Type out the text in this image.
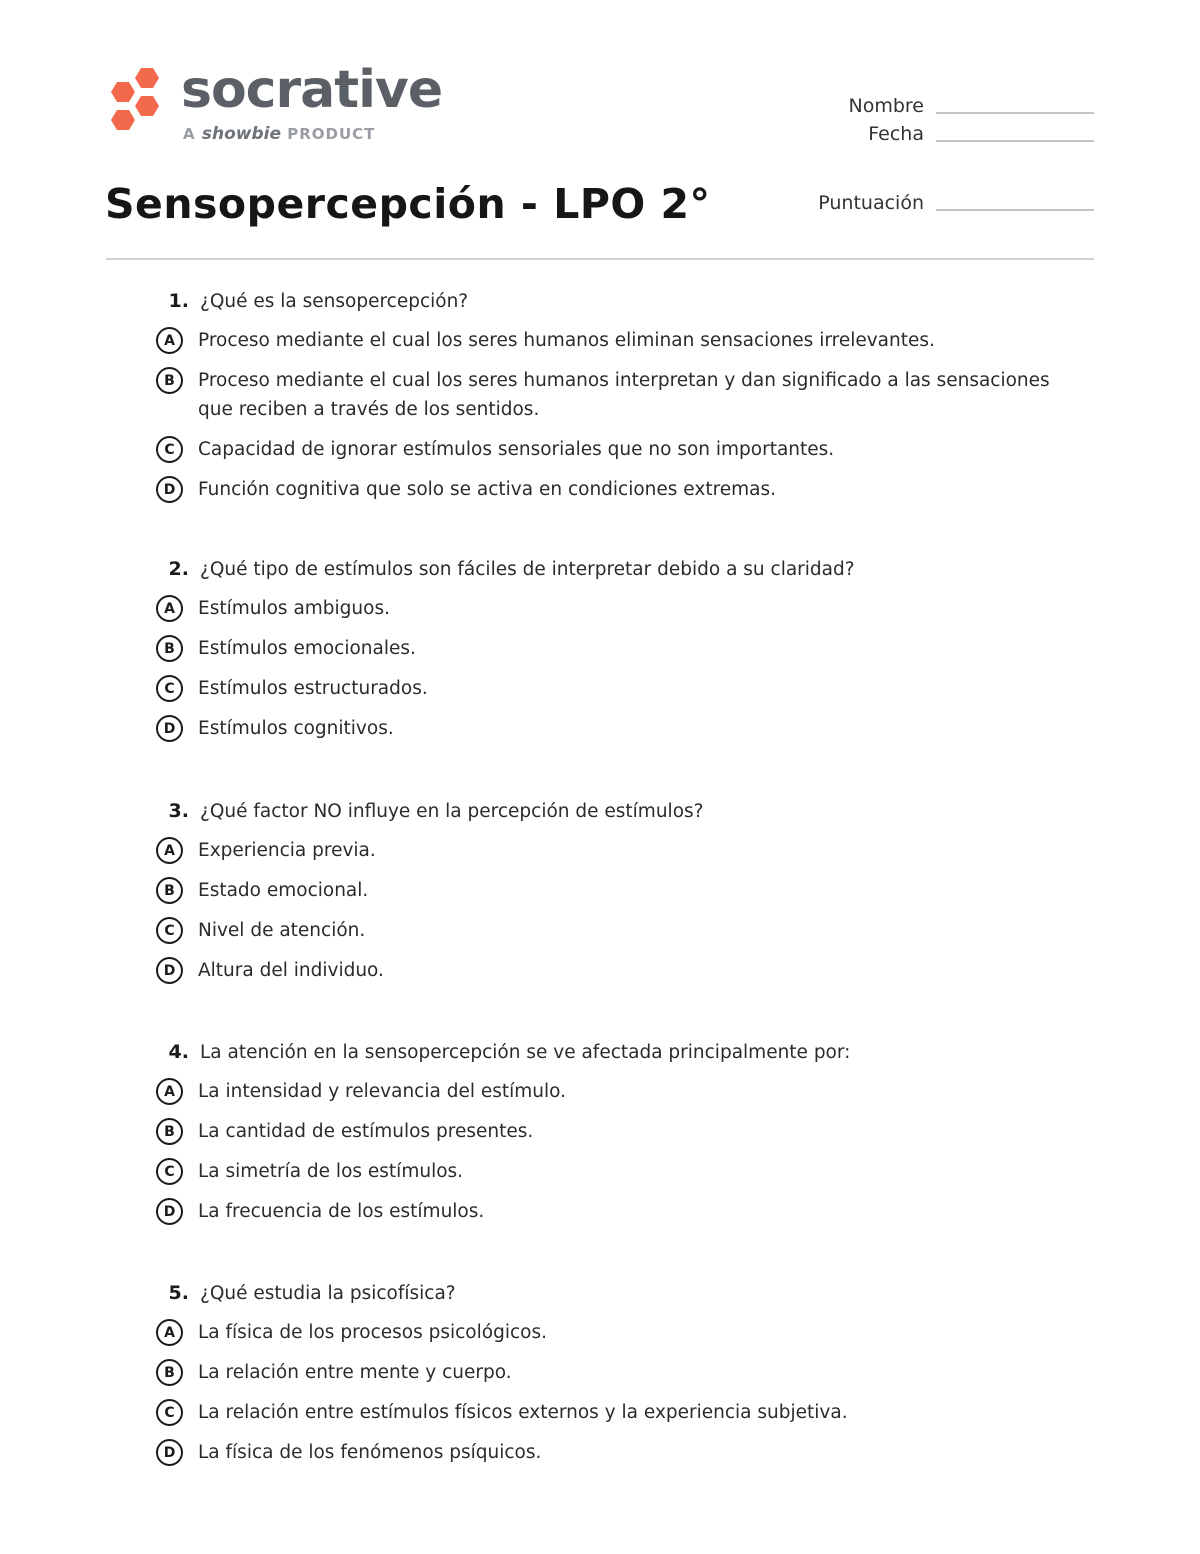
socrative
A showbie PRODUCT
Nombre
Fecha
Puntuación
Sensopercepción - LPO 2°
1. ¿Qué es la sensopercepción?
A	Proceso mediante el cual los seres humanos eliminan sensaciones irrelevantes.
B	Proceso mediante el cual los seres humanos interpretan y dan significado a las sensaciones que reciben a través de los sentidos.
C	Capacidad de ignorar estímulos sensoriales que no son importantes.
D	Función cognitiva que solo se activa en condiciones extremas.
2. ¿Qué tipo de estímulos son fáciles de interpretar debido a su claridad?
A	Estímulos ambiguos.
B	Estímulos emocionales.
C	Estímulos estructurados.
D	Estímulos cognitivos.
3. ¿Qué factor NO influye en la percepción de estímulos?
A	Experiencia previa.
B	Estado emocional.
C	Nivel de atención.
D	Altura del individuo.
4. La atención en la sensopercepción se ve afectada principalmente por:
A	La intensidad y relevancia del estímulo.
B	La cantidad de estímulos presentes.
C	La simetría de los estímulos.
D	La frecuencia de los estímulos.
5. ¿Qué estudia la psicofísica?
A	La física de los procesos psicológicos.
B	La relación entre mente y cuerpo.
C	La relación entre estímulos físicos externos y la experiencia subjetiva.
D	La física de los fenómenos psíquicos.
